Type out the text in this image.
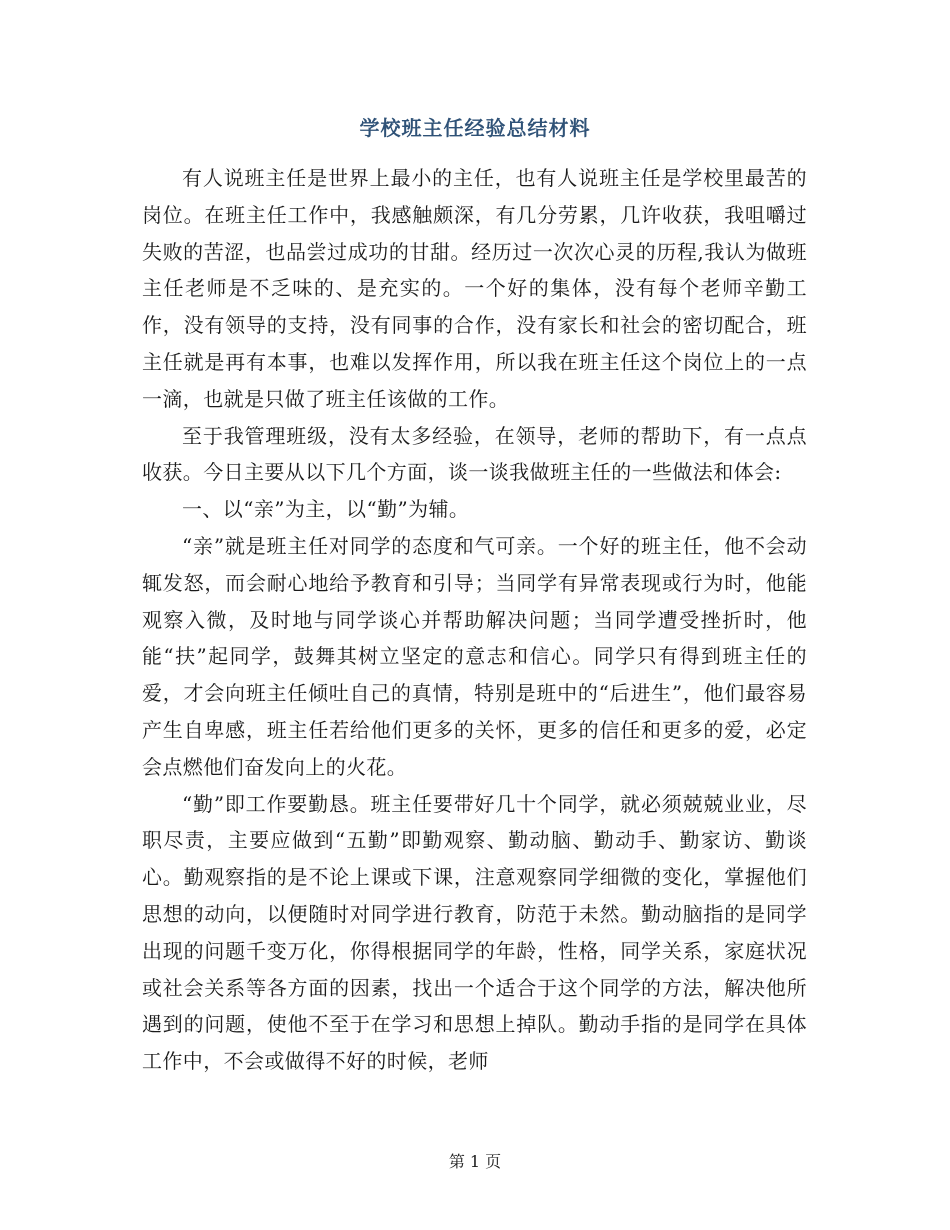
学校班主任经验总结材料

有人说班主任是世界上最小的主任，也有人说班主任是学校里最苦的岗位。在班主任工作中，我感触颇深，有几分劳累，几许收获，我咀嚼过失败的苦涩，也品尝过成功的甘甜。经历过一次次心灵的历程,我认为做班主任老师是不乏味的、是充实的。一个好的集体，没有每个老师辛勤工作，没有领导的支持，没有同事的合作，没有家长和社会的密切配合，班主任就是再有本事，也难以发挥作用，所以我在班主任这个岗位上的一点一滴，也就是只做了班主任该做的工作。

至于我管理班级，没有太多经验，在领导，老师的帮助下，有一点点收获。今日主要从以下几个方面，谈一谈我做班主任的一些做法和体会:

一、以“亲”为主，以“勤”为辅。

“亲”就是班主任对同学的态度和气可亲。一个好的班主任，他不会动辄发怒，而会耐心地给予教育和引导；当同学有异常表现或行为时，他能观察入微，及时地与同学谈心并帮助解决问题；当同学遭受挫折时，他能“扶”起同学，鼓舞其树立坚定的意志和信心。同学只有得到班主任的爱，才会向班主任倾吐自己的真情，特别是班中的“后进生”，他们最容易产生自卑感，班主任若给他们更多的关怀，更多的信任和更多的爱，必定会点燃他们奋发向上的火花。

“勤”即工作要勤恳。班主任要带好几十个同学，就必须兢兢业业，尽职尽责，主要应做到“五勤”即勤观察、勤动脑、勤动手、勤家访、勤谈心。勤观察指的是不论上课或下课，注意观察同学细微的变化，掌握他们思想的动向，以便随时对同学进行教育，防范于未然。勤动脑指的是同学出现的问题千变万化，你得根据同学的年龄，性格，同学关系，家庭状况或社会关系等各方面的因素，找出一个适合于这个同学的方法，解决他所遇到的问题，使他不至于在学习和思想上掉队。勤动手指的是同学在具体工作中，不会或做得不好的时候，老师

第 1 页
